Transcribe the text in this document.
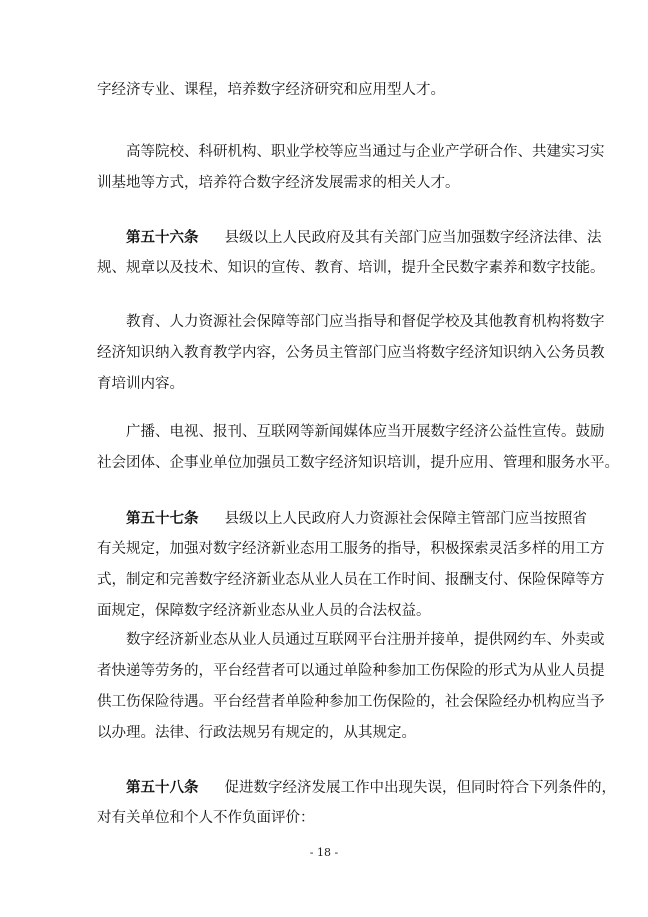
字经济专业、课程，培养数字经济研究和应用型人才。
高等院校、科研机构、职业学校等应当通过与企业产学研合作、共建实习实
训基地等方式，培养符合数字经济发展需求的相关人才。
第五十六条 县级以上人民政府及其有关部门应当加强数字经济法律、法
规、规章以及技术、知识的宣传、教育、培训，提升全民数字素养和数字技能。
教育、人力资源社会保障等部门应当指导和督促学校及其他教育机构将数字
经济知识纳入教育教学内容，公务员主管部门应当将数字经济知识纳入公务员教
育培训内容。
广播、电视、报刊、互联网等新闻媒体应当开展数字经济公益性宣传。鼓励
社会团体、企事业单位加强员工数字经济知识培训，提升应用、管理和服务水平。
第五十七条 县级以上人民政府人力资源社会保障主管部门应当按照省
有关规定，加强对数字经济新业态用工服务的指导，积极探索灵活多样的用工方
式，制定和完善数字经济新业态从业人员在工作时间、报酬支付、保险保障等方
面规定，保障数字经济新业态从业人员的合法权益。
数字经济新业态从业人员通过互联网平台注册并接单，提供网约车、外卖或
者快递等劳务的，平台经营者可以通过单险种参加工伤保险的形式为从业人员提
供工伤保险待遇。平台经营者单险种参加工伤保险的，社会保险经办机构应当予
以办理。法律、行政法规另有规定的，从其规定。
第五十八条 促进数字经济发展工作中出现失误，但同时符合下列条件的，
对有关单位和个人不作负面评价：
- 18 -
